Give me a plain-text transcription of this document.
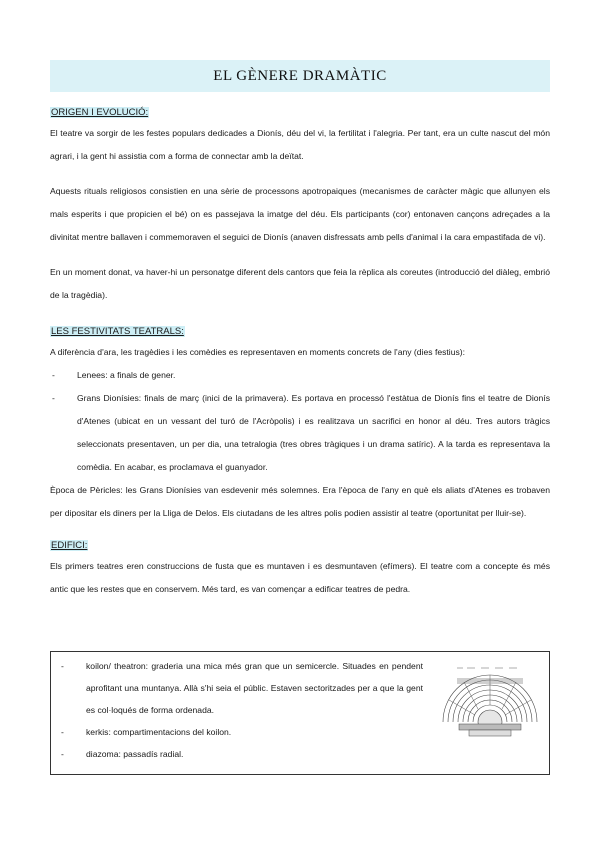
EL GÈNERE DRAMÀTIC
ORIGEN I EVOLUCIÓ:

El teatre va sorgir de les festes populars dedicades a Dionís, déu del vi, la fertilitat i l'alegria. Per tant, era un culte nascut del món agrari, i la gent hi assistia com a forma de connectar amb la deïtat.

Aquests rituals religiosos consistien en una sèrie de processons apotropaiques (mecanismes de caràcter màgic que allunyen els mals esperits i que propicien el bé) on es passejava la imatge del déu. Els participants (cor) entonaven cançons adreçades a la divinitat mentre ballaven i commemoraven el seguici de Dionís (anaven disfressats amb pells d'animal i la cara empastifada de vi).

En un moment donat, va haver-hi un personatge diferent dels cantors que feia la rèplica als coreutes (introducció del diàleg, embrió de la tragèdia).

LES FESTIVITATS TEATRALS:

A diferència d'ara, les tragèdies i les comèdies es representaven en moments concrets de l'any (dies festius):

-	Lenees: a finals de gener.
-	Grans Dionísies: finals de març (inici de la primavera). Es portava en processó l'estàtua de Dionís fins el teatre de Dionís d'Atenes (ubicat en un vessant del turó de l'Acròpolis) i es realitzava un sacrifici en honor al déu. Tres autors tràgics seleccionats presentaven, un per dia, una tetralogia (tres obres tràgiques i un drama satíric). A la tarda es representava la comèdia. En acabar, es proclamava el guanyador.

Època de Pèricles: les Grans Dionísies van esdevenir més solemnes. Era l'època de l'any en què els aliats d'Atenes es trobaven per dipositar els diners per la Lliga de Delos. Els ciutadans de les altres polis podien assistir al teatre (oportunitat per lluir-se).

EDIFICI:

Els primers teatres eren construccions de fusta que es muntaven i es desmuntaven (efímers). El teatre com a concepte és més antic que les restes que en conservem. Més tard, es van començar a edificar teatres de pedra.

-	koilon/ theatron: graderia una mica més gran que un semicercle. Situades en pendent aprofitant una muntanya. Allà s'hi seia el públic. Estaven sectoritzades per a que la gent es col·loqués de forma ordenada.
-	kerkis: compartimentacions del koilon.
-	diazoma: passadís radial.
